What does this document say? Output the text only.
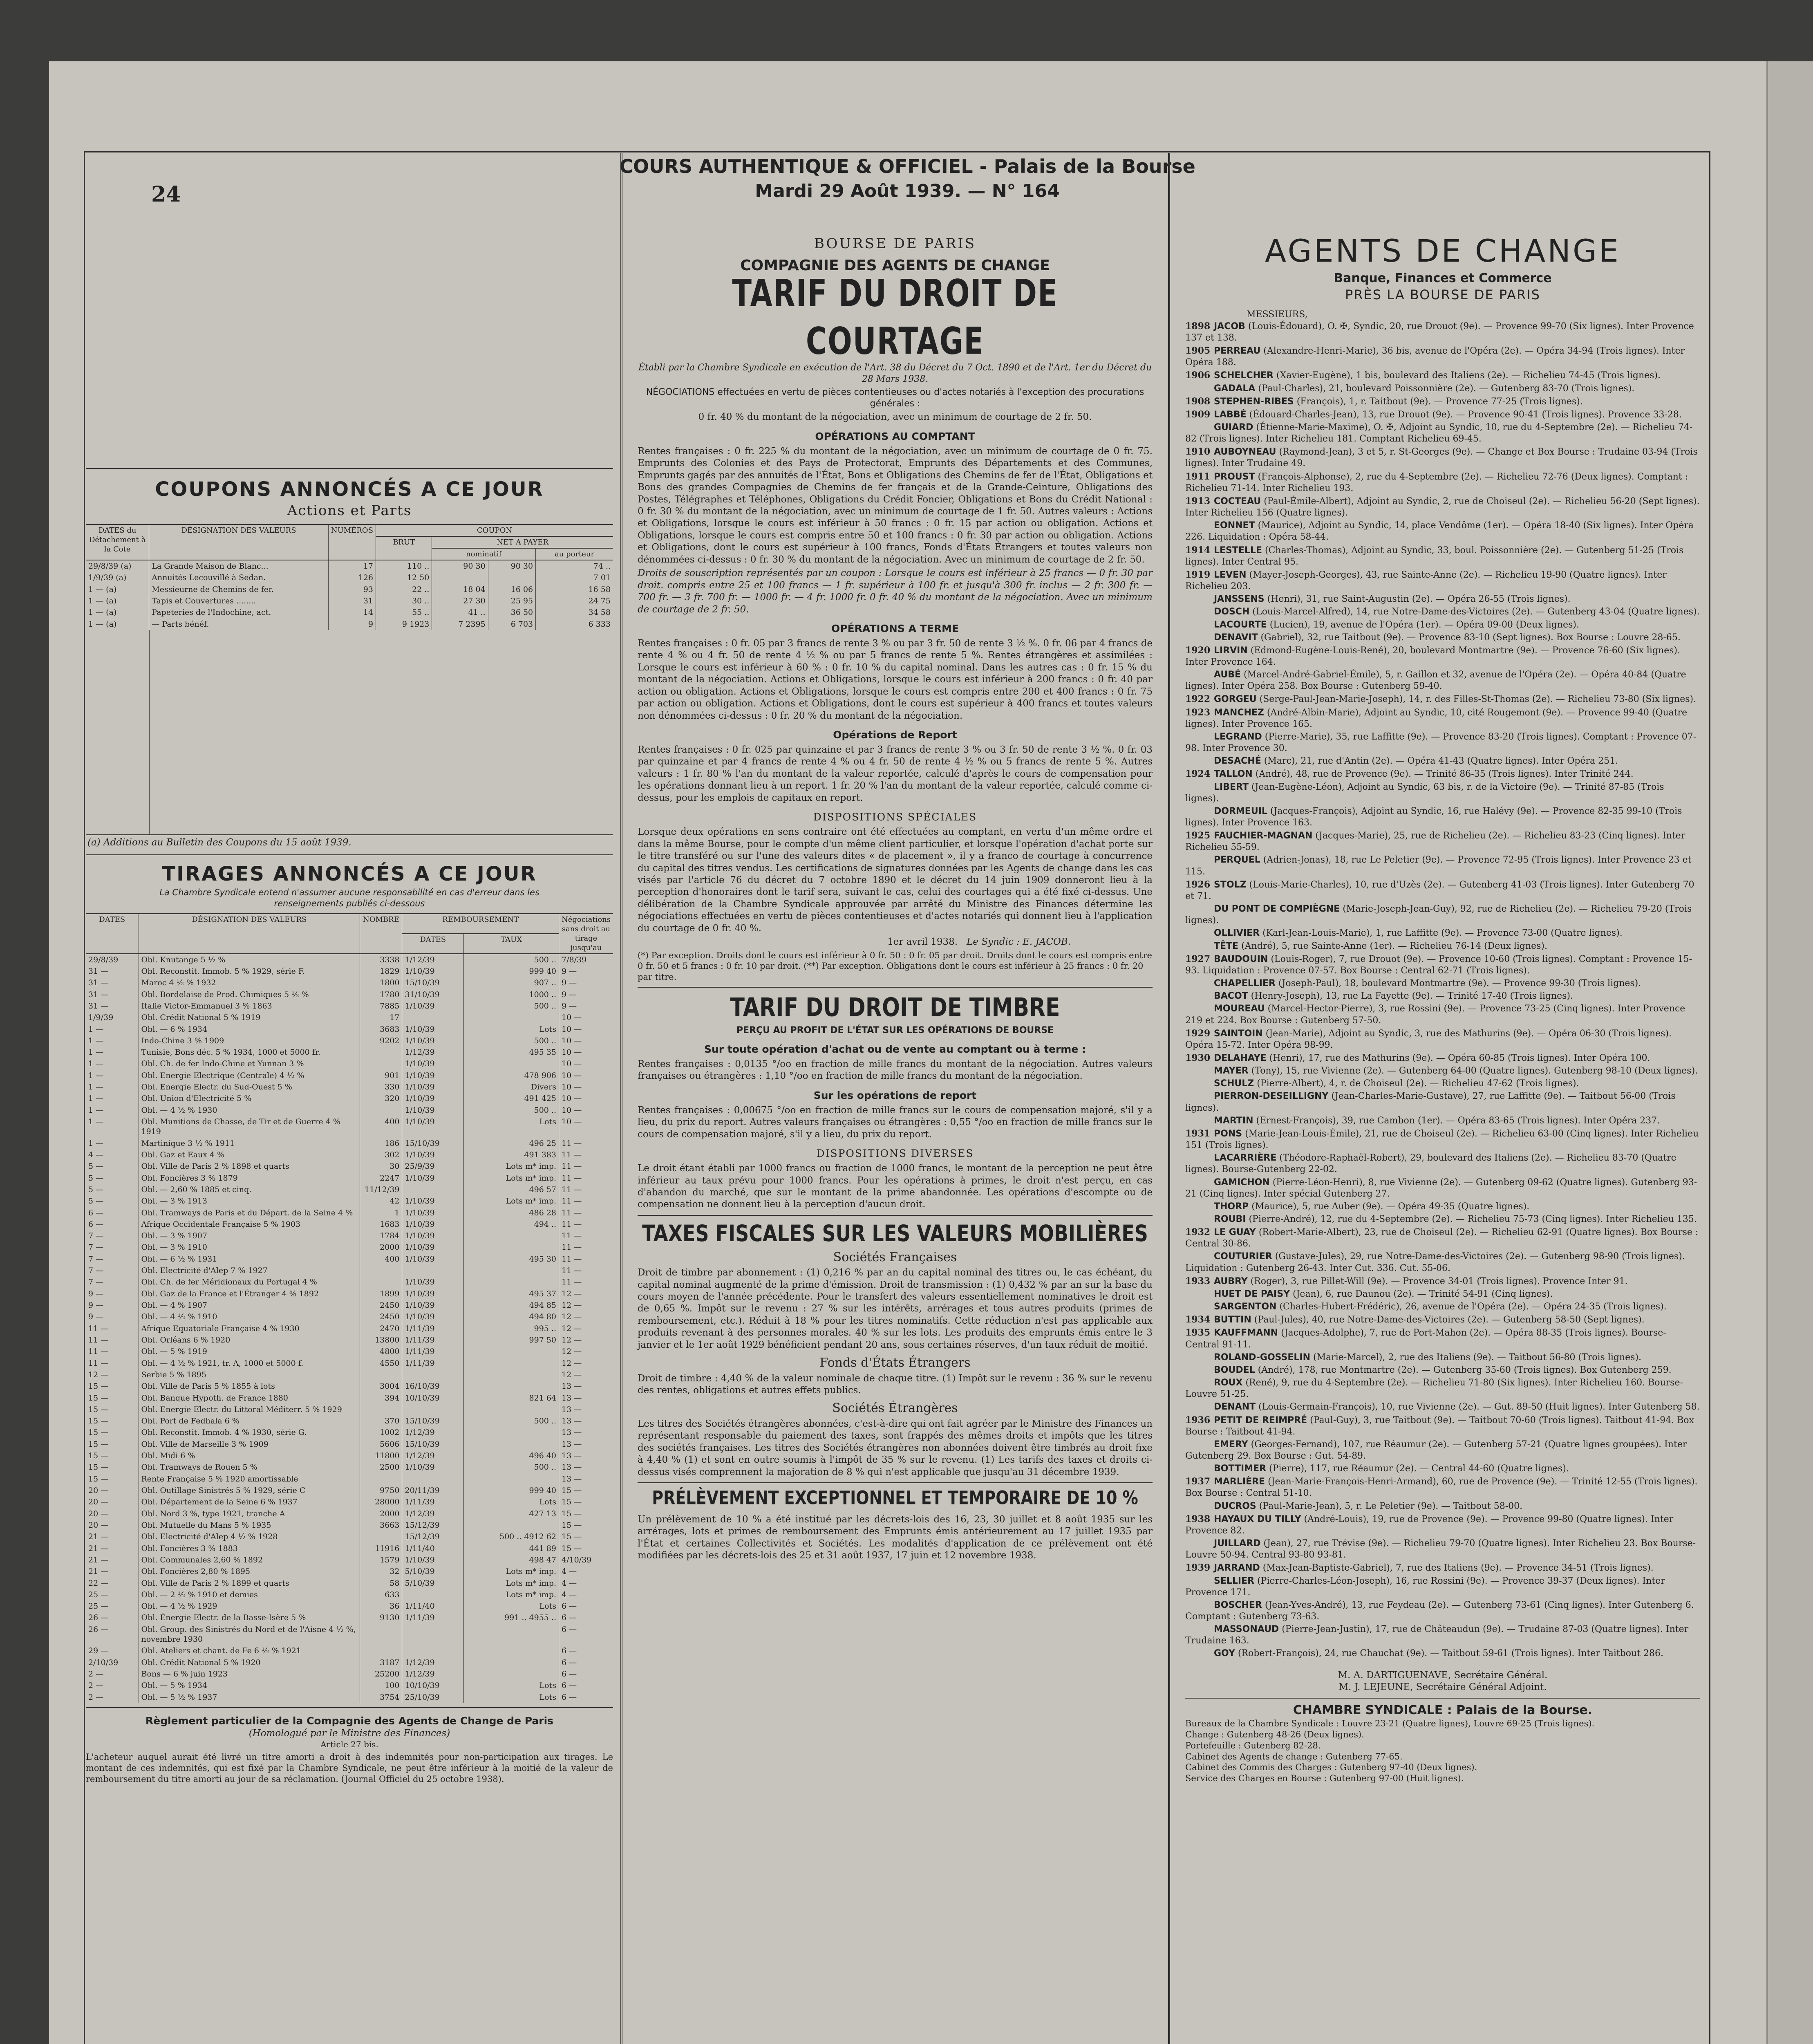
24
COURS AUTHENTIQUE & OFFICIEL - Palais de la Bourse
Mardi 29 Août 1939. — N° 164
COUPONS ANNONCÉS A CE JOUR
Actions et Parts
DATES du Détachement à la Cote	DÉSIGNATION DES VALEURS	NUMÉROS	COUPON			
			BRUT	NET A PAYER		
				nominatif		au porteur
29/8/39 (a)	La Grande Maison de Blanc...	17	110 ..	90 30	90 30	74 ..
1/9/39 (a)	Annuités Lecouvillé à Sedan.	126	12 50			7 01
1 — (a)	Messieurne de Chemins de fer.	93	22 ..	18 04	16 06	16 58
1 — (a)	Tapis et Couvertures ........	31	30 ..	27 30	25 95	24 75
1 — (a)	Papeteries de l'Indochine, act.	14	55 ..	41 ..	36 50	34 58
1 — (a)	— Parts bénéf.	9	9 1923	7 2395	6 703	6 333
(a) Additions au Bulletin des Coupons du 15 août 1939.
TIRAGES ANNONCÉS A CE JOUR
La Chambre Syndicale entend n'assumer aucune responsabilité en cas d'erreur dans les renseignements publiés ci-dessous
DATES	DÉSIGNATION DES VALEURS	NOMBRE	REMBOURSEMENT		Négociations sans droit au tirage jusqu'au
			DATES	TAUX	
29/8/39	Obl. Knutange 5 ½ %	3338	1/12/39	500 ..	7/8/39
31 —	Obl. Reconstit. Immob. 5 % 1929, série F.	1829	1/10/39	999 40	9 —
31 —	Maroc 4 ½ % 1932	1800	15/10/39	907 ..	9 —
31 —	Obl. Bordelaise de Prod. Chimiques 5 ½ %	1780	31/10/39	1000 ..	9 —
31 —	Italie Victor-Emmanuel 3 % 1863	7885	1/10/39	500 ..	9 —
1/9/39	Obl. Crédit National 5 % 1919	17			10 —
1 —	Obl. — 6 % 1934	3683	1/10/39	Lots	10 —
1 —	Indo-Chine 3 % 1909	9202	1/10/39	500 ..	10 —
1 —	Tunisie, Bons déc. 5 % 1934, 1000 et 5000 fr.		1/12/39	495 35	10 —
1 —	Obl. Ch. de fer Indo-Chine et Yunnan 3 %		1/10/39		10 —
1 —	Obl. Energie Electrique (Centrale) 4 ½ %	901	1/10/39	478 906	10 —
1 —	Obl. Energie Electr. du Sud-Ouest 5 %	330	1/10/39	Divers	10 —
1 —	Obl. Union d'Electricité 5 %	320	1/10/39	491 425	10 —
1 —	Obl. — 4 ½ % 1930		1/10/39	500 ..	10 —
1 —	Obl. Munitions de Chasse, de Tir et de Guerre 4 % 1919	400	1/10/39	Lots	10 —
1 —	Martinique 3 ½ % 1911	186	15/10/39	496 25	11 —
4 —	Obl. Gaz et Eaux 4 %	302	1/10/39	491 383	11 —
5 —	Obl. Ville de Paris 2 % 1898 et quarts	30	25/9/39	Lots m* imp.	11 —
5 —	Obl. Foncières 3 % 1879	2247	1/10/39	Lots m* imp.	11 —
5 —	Obl. — 2,60 % 1885 et cinq.	11/12/39		496 57	11 —
5 —	Obl. — 3 % 1913	42	1/10/39	Lots m* imp.	11 —
6 —	Obl. Tramways de Paris et du Départ. de la Seine 4 %	1	1/10/39	486 28	11 —
6 —	Afrique Occidentale Française 5 % 1903	1683	1/10/39	494 ..	11 —
7 —	Obl. — 3 % 1907	1784	1/10/39		11 —
7 —	Obl. — 3 % 1910	2000	1/10/39		11 —
7 —	Obl. — 6 ½ % 1931	400	1/10/39	495 30	11 —
7 —	Obl. Electricité d'Alep 7 % 1927				11 —
7 —	Obl. Ch. de fer Méridionaux du Portugal 4 %		1/10/39		11 —
9 —	Obl. Gaz de la France et l'Étranger 4 % 1892	1899	1/10/39	495 37	12 —
9 —	Obl. — 4 % 1907	2450	1/10/39	494 85	12 —
9 —	Obl. — 4 ½ % 1910	2450	1/10/39	494 80	12 —
11 —	Afrique Equatoriale Française 4 % 1930	2470	1/11/39	995 ..	12 —
11 —	Obl. Orléans 6 % 1920	13800	1/11/39	997 50	12 —
11 —	Obl. — 5 % 1919	4800	1/11/39		12 —
11 —	Obl. — 4 ½ % 1921, tr. A, 1000 et 5000 f.	4550	1/11/39		12 —
12 —	Serbie 5 % 1895				12 —
15 —	Obl. Ville de Paris 5 % 1855 à lots	3004	16/10/39		13 —
15 —	Obl. Banque Hypoth. de France 1880	394	10/10/39	821 64	13 —
15 —	Obl. Energie Electr. du Littoral Méditerr. 5 % 1929				13 —
15 —	Obl. Port de Fedhala 6 %	370	15/10/39	500 ..	13 —
15 —	Obl. Reconstit. Immob. 4 % 1930, série G.	1002	1/12/39		13 —
15 —	Obl. Ville de Marseille 3 % 1909	5606	15/10/39		13 —
15 —	Obl. Midi 6 %	11800	1/12/39	496 40	13 —
15 —	Obl. Tramways de Rouen 5 %	2500	1/10/39	500 ..	13 —
15 —	Rente Française 5 % 1920 amortissable				13 —
20 —	Obl. Outillage Sinistrés 5 % 1929, série C	9750	20/11/39	999 40	15 —
20 —	Obl. Département de la Seine 6 % 1937	28000	1/11/39	Lots	15 —
20 —	Obl. Nord 3 %, type 1921, tranche A	2000	1/12/39	427 13	15 —
20 —	Obl. Mutuelle du Mans 5 % 1935	3663	15/12/39		15 —
21 —	Obl. Electricité d'Alep 4 ½ % 1928		15/12/39	500 .. 4912 62	15 —
21 —	Obl. Foncières 3 % 1883	11916	1/11/40	441 89	15 —
21 —	Obl. Communales 2,60 % 1892	1579	1/10/39	498 47	4/10/39
21 —	Obl. Foncières 2,80 % 1895	32	5/10/39	Lots m* imp.	4 —
22 —	Obl. Ville de Paris 2 % 1899 et quarts	58	5/10/39	Lots m* imp.	4 —
25 —	Obl. — 2 ½ % 1910 et demies	633		Lots m* imp.	4 —
25 —	Obl. — 4 ½ % 1929	36	1/11/40	Lots	6 —
26 —	Obl. Énergie Electr. de la Basse-Isère 5 %	9130	1/11/39	991 .. 4955 ..	6 —
26 —	Obl. Group. des Sinistrés du Nord et de l'Aisne 4 ½ %, novembre 1930				6 —
29 —	Obl. Ateliers et chant. de Fe 6 ½ % 1921				6 —
2/10/39	Obl. Crédit National 5 % 1920	3187	1/12/39		6 —
2 —	Bons — 6 % juin 1923	25200	1/12/39		6 —
2 —	Obl. — 5 % 1934	100	10/10/39	Lots	6 —
2 —	Obl. — 5 ½ % 1937	3754	25/10/39	Lots	6 —
Règlement particulier de la Compagnie des Agents de Change de Paris
(Homologué par le Ministre des Finances)
Article 27 bis.

L'acheteur auquel aurait été livré un titre amorti a droit à des indemnités pour non-participation aux tirages. Le montant de ces indemnités, qui est fixé par la Chambre Syndicale, ne peut être inférieur à la moitié de la valeur de remboursement du titre amorti au jour de sa réclamation. (Journal Officiel du 25 octobre 1938).

BOURSE DE PARIS
COMPAGNIE DES AGENTS DE CHANGE
TARIF DU DROIT DE COURTAGE

Établi par la Chambre Syndicale en exécution de l'Art. 38 du Décret du 7 Oct. 1890 et de l'Art. 1er du Décret du 28 Mars 1938.

NÉGOCIATIONS effectuées en vertu de pièces contentieuses ou d'actes notariés à l'exception des procurations générales :

0 fr. 40 % du montant de la négociation, avec un minimum de courtage de 2 fr. 50.

OPÉRATIONS AU COMPTANT

Rentes françaises : 0 fr. 225 % du montant de la négociation, avec un minimum de courtage de 0 fr. 75. Emprunts des Colonies et des Pays de Protectorat, Emprunts des Départements et des Communes, Emprunts gagés par des annuités de l'État, Bons et Obligations des Chemins de fer de l'État, Obligations et Bons des grandes Compagnies de Chemins de fer français et de la Grande-Ceinture, Obligations des Postes, Télégraphes et Téléphones, Obligations du Crédit Foncier, Obligations et Bons du Crédit National : 0 fr. 30 % du montant de la négociation, avec un minimum de courtage de 1 fr. 50. Autres valeurs : Actions et Obligations, lorsque le cours est inférieur à 50 francs : 0 fr. 15 par action ou obligation. Actions et Obligations, lorsque le cours est compris entre 50 et 100 francs : 0 fr. 30 par action ou obligation. Actions et Obligations, dont le cours est supérieur à 100 francs, Fonds d'États Étrangers et toutes valeurs non dénommées ci-dessus : 0 fr. 30 % du montant de la négociation. Avec un minimum de courtage de 2 fr. 50.

Droits de souscription représentés par un coupon : Lorsque le cours est inférieur à 25 francs — 0 fr. 30 par droit. compris entre 25 et 100 francs — 1 fr. supérieur à 100 fr. et jusqu'à 300 fr. inclus — 2 fr. 300 fr. — 700 fr. — 3 fr. 700 fr. — 1000 fr. — 4 fr. 1000 fr. 0 fr. 40 % du montant de la négociation. Avec un minimum de courtage de 2 fr. 50.

OPÉRATIONS A TERME

Rentes françaises : 0 fr. 05 par 3 francs de rente 3 % ou par 3 fr. 50 de rente 3 ½ %. 0 fr. 06 par 4 francs de rente 4 % ou 4 fr. 50 de rente 4 ½ % ou par 5 francs de rente 5 %. Rentes étrangères et assimilées : Lorsque le cours est inférieur à 60 % : 0 fr. 10 % du capital nominal. Dans les autres cas : 0 fr. 15 % du montant de la négociation. Actions et Obligations, lorsque le cours est inférieur à 200 francs : 0 fr. 40 par action ou obligation. Actions et Obligations, lorsque le cours est compris entre 200 et 400 francs : 0 fr. 75 par action ou obligation. Actions et Obligations, dont le cours est supérieur à 400 francs et toutes valeurs non dénommées ci-dessus : 0 fr. 20 % du montant de la négociation.

Opérations de Report

Rentes françaises : 0 fr. 025 par quinzaine et par 3 francs de rente 3 % ou 3 fr. 50 de rente 3 ½ %. 0 fr. 03 par quinzaine et par 4 francs de rente 4 % ou 4 fr. 50 de rente 4 ½ % ou 5 francs de rente 5 %. Autres valeurs : 1 fr. 80 % l'an du montant de la valeur reportée, calculé d'après le cours de compensation pour les opérations donnant lieu à un report. 1 fr. 20 % l'an du montant de la valeur reportée, calculé comme ci-dessus, pour les emplois de capitaux en report.

DISPOSITIONS SPÉCIALES

Lorsque deux opérations en sens contraire ont été effectuées au comptant, en vertu d'un même ordre et dans la même Bourse, pour le compte d'un même client particulier, et lorsque l'opération d'achat porte sur le titre transféré ou sur l'une des valeurs dites « de placement », il y a franco de courtage à concurrence du capital des titres vendus. Les certifications de signatures données par les Agents de change dans les cas visés par l'article 76 du décret du 7 octobre 1890 et le décret du 14 juin 1909 donneront lieu à la perception d'honoraires dont le tarif sera, suivant le cas, celui des courtages qui a été fixé ci-dessus. Une délibération de la Chambre Syndicale approuvée par arrêté du Ministre des Finances détermine les négociations effectuées en vertu de pièces contentieuses et d'actes notariés qui donnent lieu à l'application du courtage de 0 fr. 40 %.

1er avril 1938. Le Syndic : E. JACOB.

(*) Par exception. Droits dont le cours est inférieur à 0 fr. 50 : 0 fr. 05 par droit. Droits dont le cours est compris entre 0 fr. 50 et 5 francs : 0 fr. 10 par droit. (**) Par exception. Obligations dont le cours est inférieur à 25 francs : 0 fr. 20 par titre.

TARIF DU DROIT DE TIMBRE
PERÇU AU PROFIT DE L'ÉTAT SUR LES OPÉRATIONS DE BOURSE
Sur toute opération d'achat ou de vente au comptant ou à terme :

Rentes françaises : 0,0135 °/oo en fraction de mille francs du montant de la négociation. Autres valeurs françaises ou étrangères : 1,10 °/oo en fraction de mille francs du montant de la négociation.

Sur les opérations de report

Rentes françaises : 0,00675 °/oo en fraction de mille francs sur le cours de compensation majoré, s'il y a lieu, du prix du report. Autres valeurs françaises ou étrangères : 0,55 °/oo en fraction de mille francs sur le cours de compensation majoré, s'il y a lieu, du prix du report.

DISPOSITIONS DIVERSES

Le droit étant établi par 1000 francs ou fraction de 1000 francs, le montant de la perception ne peut être inférieur au taux prévu pour 1000 francs. Pour les opérations à primes, le droit n'est perçu, en cas d'abandon du marché, que sur le montant de la prime abandonnée. Les opérations d'escompte ou de compensation ne donnent lieu à la perception d'aucun droit.

TAXES FISCALES SUR LES VALEURS MOBILIÈRES
Sociétés Françaises

Droit de timbre par abonnement : (1) 0,216 % par an du capital nominal des titres ou, le cas échéant, du capital nominal augmenté de la prime d'émission. Droit de transmission : (1) 0,432 % par an sur la base du cours moyen de l'année précédente. Pour le transfert des valeurs essentiellement nominatives le droit est de 0,65 %. Impôt sur le revenu : 27 % sur les intérêts, arrérages et tous autres produits (primes de remboursement, etc.). Réduit à 18 % pour les titres nominatifs. Cette réduction n'est pas applicable aux produits revenant à des personnes morales. 40 % sur les lots. Les produits des emprunts émis entre le 3 janvier et le 1er août 1929 bénéficient pendant 20 ans, sous certaines réserves, d'un taux réduit de moitié.

Fonds d'États Étrangers

Droit de timbre : 4,40 % de la valeur nominale de chaque titre. (1) Impôt sur le revenu : 36 % sur le revenu des rentes, obligations et autres effets publics.

Sociétés Étrangères

Les titres des Sociétés étrangères abonnées, c'est-à-dire qui ont fait agréer par le Ministre des Finances un représentant responsable du paiement des taxes, sont frappés des mêmes droits et impôts que les titres des sociétés françaises. Les titres des Sociétés étrangères non abonnées doivent être timbrés au droit fixe à 4,40 % (1) et sont en outre soumis à l'impôt de 35 % sur le revenu. (1) Les tarifs des taxes et droits ci-dessus visés comprennent la majoration de 8 % qui n'est applicable que jusqu'au 31 décembre 1939.

PRÉLÈVEMENT EXCEPTIONNEL ET TEMPORAIRE DE 10 %

Un prélèvement de 10 % a été institué par les décrets-lois des 16, 23, 30 juillet et 8 août 1935 sur les arrérages, lots et primes de remboursement des Emprunts émis antérieurement au 17 juillet 1935 par l'État et certaines Collectivités et Sociétés. Les modalités d'application de ce prélèvement ont été modifiées par les décrets-lois des 25 et 31 août 1937, 17 juin et 12 novembre 1938.

AGENTS DE CHANGE
Banque, Finances et Commerce
PRÈS LA BOURSE DE PARIS
MESSIEURS,

1898 JACOB (Louis-Édouard), O. ✠, Syndic, 20, rue Drouot (9e). — Provence 99-70 (Six lignes). Inter Provence 137 et 138.

1905 PERREAU (Alexandre-Henri-Marie), 36 bis, avenue de l'Opéra (2e). — Opéra 34-94 (Trois lignes). Inter Opéra 188.

1906 SCHELCHER (Xavier-Eugène), 1 bis, boulevard des Italiens (2e). — Richelieu 74-45 (Trois lignes).

GADALA (Paul-Charles), 21, boulevard Poissonnière (2e). — Gutenberg 83-70 (Trois lignes).

1908 STEPHEN-RIBES (François), 1, r. Taitbout (9e). — Provence 77-25 (Trois lignes).

1909 LABBÉ (Édouard-Charles-Jean), 13, rue Drouot (9e). — Provence 90-41 (Trois lignes). Provence 33-28.

GUIARD (Étienne-Marie-Maxime), O. ✠, Adjoint au Syndic, 10, rue du 4-Septembre (2e). — Richelieu 74-82 (Trois lignes). Inter Richelieu 181. Comptant Richelieu 69-45.

1910 AUBOYNEAU (Raymond-Jean), 3 et 5, r. St-Georges (9e). — Change et Box Bourse : Trudaine 03-94 (Trois lignes). Inter Trudaine 49.

1911 PROUST (François-Alphonse), 2, rue du 4-Septembre (2e). — Richelieu 72-76 (Deux lignes). Comptant : Richelieu 71-14. Inter Richelieu 193.

1913 COCTEAU (Paul-Émile-Albert), Adjoint au Syndic, 2, rue de Choiseul (2e). — Richelieu 56-20 (Sept lignes). Inter Richelieu 156 (Quatre lignes).

EONNET (Maurice), Adjoint au Syndic, 14, place Vendôme (1er). — Opéra 18-40 (Six lignes). Inter Opéra 226. Liquidation : Opéra 58-44.

1914 LESTELLE (Charles-Thomas), Adjoint au Syndic, 33, boul. Poissonnière (2e). — Gutenberg 51-25 (Trois lignes). Inter Central 95.

1919 LEVEN (Mayer-Joseph-Georges), 43, rue Sainte-Anne (2e). — Richelieu 19-90 (Quatre lignes). Inter Richelieu 203.

JANSSENS (Henri), 31, rue Saint-Augustin (2e). — Opéra 26-55 (Trois lignes).

DOSCH (Louis-Marcel-Alfred), 14, rue Notre-Dame-des-Victoires (2e). — Gutenberg 43-04 (Quatre lignes).

LACOURTE (Lucien), 19, avenue de l'Opéra (1er). — Opéra 09-00 (Deux lignes).

DENAVIT (Gabriel), 32, rue Taitbout (9e). — Provence 83-10 (Sept lignes). Box Bourse : Louvre 28-65.

1920 LIRVIN (Edmond-Eugène-Louis-René), 20, boulevard Montmartre (9e). — Provence 76-60 (Six lignes). Inter Provence 164.

AUBÉ (Marcel-André-Gabriel-Émile), 5, r. Gaillon et 32, avenue de l'Opéra (2e). — Opéra 40-84 (Quatre lignes). Inter Opéra 258. Box Bourse : Gutenberg 59-40.

1922 GORGEU (Serge-Paul-Jean-Marie-Joseph), 14, r. des Filles-St-Thomas (2e). — Richelieu 73-80 (Six lignes).

1923 MANCHEZ (André-Albin-Marie), Adjoint au Syndic, 10, cité Rougemont (9e). — Provence 99-40 (Quatre lignes). Inter Provence 165.

LEGRAND (Pierre-Marie), 35, rue Laffitte (9e). — Provence 83-20 (Trois lignes). Comptant : Provence 07-98. Inter Provence 30.

DESACHÉ (Marc), 21, rue d'Antin (2e). — Opéra 41-43 (Quatre lignes). Inter Opéra 251.

1924 TALLON (André), 48, rue de Provence (9e). — Trinité 86-35 (Trois lignes). Inter Trinité 244.

LIBERT (Jean-Eugène-Léon), Adjoint au Syndic, 63 bis, r. de la Victoire (9e). — Trinité 87-85 (Trois lignes).

DORMEUIL (Jacques-François), Adjoint au Syndic, 16, rue Halévy (9e). — Provence 82-35 99-10 (Trois lignes). Inter Provence 163.

1925 FAUCHIER-MAGNAN (Jacques-Marie), 25, rue de Richelieu (2e). — Richelieu 83-23 (Cinq lignes). Inter Richelieu 55-59.

PERQUEL (Adrien-Jonas), 18, rue Le Peletier (9e). — Provence 72-95 (Trois lignes). Inter Provence 23 et 115.

1926 STOLZ (Louis-Marie-Charles), 10, rue d'Uzès (2e). — Gutenberg 41-03 (Trois lignes). Inter Gutenberg 70 et 71.

DU PONT DE COMPIÈGNE (Marie-Joseph-Jean-Guy), 92, rue de Richelieu (2e). — Richelieu 79-20 (Trois lignes).

OLLIVIER (Karl-Jean-Louis-Marie), 1, rue Laffitte (9e). — Provence 73-00 (Quatre lignes).

TÊTE (André), 5, rue Sainte-Anne (1er). — Richelieu 76-14 (Deux lignes).

1927 BAUDOUIN (Louis-Roger), 7, rue Drouot (9e). — Provence 10-60 (Trois lignes). Comptant : Provence 15-93. Liquidation : Provence 07-57. Box Bourse : Central 62-71 (Trois lignes).

CHAPELLIER (Joseph-Paul), 18, boulevard Montmartre (9e). — Provence 99-30 (Trois lignes).

BACOT (Henry-Joseph), 13, rue La Fayette (9e). — Trinité 17-40 (Trois lignes).

MOUREAU (Marcel-Hector-Pierre), 3, rue Rossini (9e). — Provence 73-25 (Cinq lignes). Inter Provence 219 et 224. Box Bourse : Gutenberg 57-50.

1929 SAINTOIN (Jean-Marie), Adjoint au Syndic, 3, rue des Mathurins (9e). — Opéra 06-30 (Trois lignes). Opéra 15-72. Inter Opéra 98-99.

1930 DELAHAYE (Henri), 17, rue des Mathurins (9e). — Opéra 60-85 (Trois lignes). Inter Opéra 100.

MAYER (Tony), 15, rue Vivienne (2e). — Gutenberg 64-00 (Quatre lignes). Gutenberg 98-10 (Deux lignes).

SCHULZ (Pierre-Albert), 4, r. de Choiseul (2e). — Richelieu 47-62 (Trois lignes).

PIERRON-DESEILLIGNY (Jean-Charles-Marie-Gustave), 27, rue Laffitte (9e). — Taitbout 56-00 (Trois lignes).

MARTIN (Ernest-François), 39, rue Cambon (1er). — Opéra 83-65 (Trois lignes). Inter Opéra 237.

1931 PONS (Marie-Jean-Louis-Émile), 21, rue de Choiseul (2e). — Richelieu 63-00 (Cinq lignes). Inter Richelieu 151 (Trois lignes).

LACARRIÈRE (Théodore-Raphaël-Robert), 29, boulevard des Italiens (2e). — Richelieu 83-70 (Quatre lignes). Bourse-Gutenberg 22-02.

GAMICHON (Pierre-Léon-Henri), 8, rue Vivienne (2e). — Gutenberg 09-62 (Quatre lignes). Gutenberg 93-21 (Cinq lignes). Inter spécial Gutenberg 27.

THORP (Maurice), 5, rue Auber (9e). — Opéra 49-35 (Quatre lignes).

ROUBI (Pierre-André), 12, rue du 4-Septembre (2e). — Richelieu 75-73 (Cinq lignes). Inter Richelieu 135.

1932 LE GUAY (Robert-Marie-Albert), 23, rue de Choiseul (2e). — Richelieu 62-91 (Quatre lignes). Box Bourse : Central 30-86.

COUTURIER (Gustave-Jules), 29, rue Notre-Dame-des-Victoires (2e). — Gutenberg 98-90 (Trois lignes). Liquidation : Gutenberg 26-43. Inter Cut. 336. Cut. 55-06.

1933 AUBRY (Roger), 3, rue Pillet-Will (9e). — Provence 34-01 (Trois lignes). Provence Inter 91.

HUET DE PAISY (Jean), 6, rue Daunou (2e). — Trinité 54-91 (Cinq lignes).

SARGENTON (Charles-Hubert-Frédéric), 26, avenue de l'Opéra (2e). — Opéra 24-35 (Trois lignes).

1934 BUTTIN (Paul-Jules), 40, rue Notre-Dame-des-Victoires (2e). — Gutenberg 58-50 (Sept lignes).

1935 KAUFFMANN (Jacques-Adolphe), 7, rue de Port-Mahon (2e). — Opéra 88-35 (Trois lignes). Bourse-Central 91-11.

ROLAND-GOSSELIN (Marie-Marcel), 2, rue des Italiens (9e). — Taitbout 56-80 (Trois lignes).

BOUDEL (André), 178, rue Montmartre (2e). — Gutenberg 35-60 (Trois lignes). Box Gutenberg 259.

ROUX (René), 9, rue du 4-Septembre (2e). — Richelieu 71-80 (Six lignes). Inter Richelieu 160. Bourse-Louvre 51-25.

DENANT (Louis-Germain-François), 10, rue Vivienne (2e). — Gut. 89-50 (Huit lignes). Inter Gutenberg 58.

1936 PETIT DE REIMPRÉ (Paul-Guy), 3, rue Taitbout (9e). — Taitbout 70-60 (Trois lignes). Taitbout 41-94. Box Bourse : Taitbout 41-94.

EMERY (Georges-Fernand), 107, rue Réaumur (2e). — Gutenberg 57-21 (Quatre lignes groupées). Inter Gutenberg 29. Box Bourse : Gut. 54-89.

BOTTIMER (Pierre), 117, rue Réaumur (2e). — Central 44-60 (Quatre lignes).

1937 MARLIÈRE (Jean-Marie-François-Henri-Armand), 60, rue de Provence (9e). — Trinité 12-55 (Trois lignes). Box Bourse : Central 51-10.

DUCROS (Paul-Marie-Jean), 5, r. Le Peletier (9e). — Taitbout 58-00.

1938 HAYAUX DU TILLY (André-Louis), 19, rue de Provence (9e). — Provence 99-80 (Quatre lignes). Inter Provence 82.

JUILLARD (Jean), 27, rue Trévise (9e). — Richelieu 79-70 (Quatre lignes). Inter Richelieu 23. Box Bourse-Louvre 50-94. Central 93-80 93-81.

1939 JARRAND (Max-Jean-Baptiste-Gabriel), 7, rue des Italiens (9e). — Provence 34-51 (Trois lignes).

SELLIER (Pierre-Charles-Léon-Joseph), 16, rue Rossini (9e). — Provence 39-37 (Deux lignes). Inter Provence 171.

BOSCHER (Jean-Yves-André), 13, rue Feydeau (2e). — Gutenberg 73-61 (Cinq lignes). Inter Gutenberg 6. Comptant : Gutenberg 73-63.

MASSONAUD (Pierre-Jean-Justin), 17, rue de Châteaudun (9e). — Trudaine 87-03 (Quatre lignes). Inter Trudaine 163.

GOY (Robert-François), 24, rue Chauchat (9e). — Taitbout 59-61 (Trois lignes). Inter Taitbout 286.

M. A. DARTIGUENAVE, Secrétaire Général.
M. J. LEJEUNE, Secrétaire Général Adjoint.
CHAMBRE SYNDICALE : Palais de la Bourse.
Bureaux de la Chambre Syndicale : Louvre 23-21 (Quatre lignes), Louvre 69-25 (Trois lignes).
Change : Gutenberg 48-26 (Deux lignes).
Portefeuille : Gutenberg 82-28.
Cabinet des Agents de change : Gutenberg 77-65.
Cabinet des Commis des Charges : Gutenberg 97-40 (Deux lignes).
Service des Charges en Bourse : Gutenberg 97-00 (Huit lignes).
